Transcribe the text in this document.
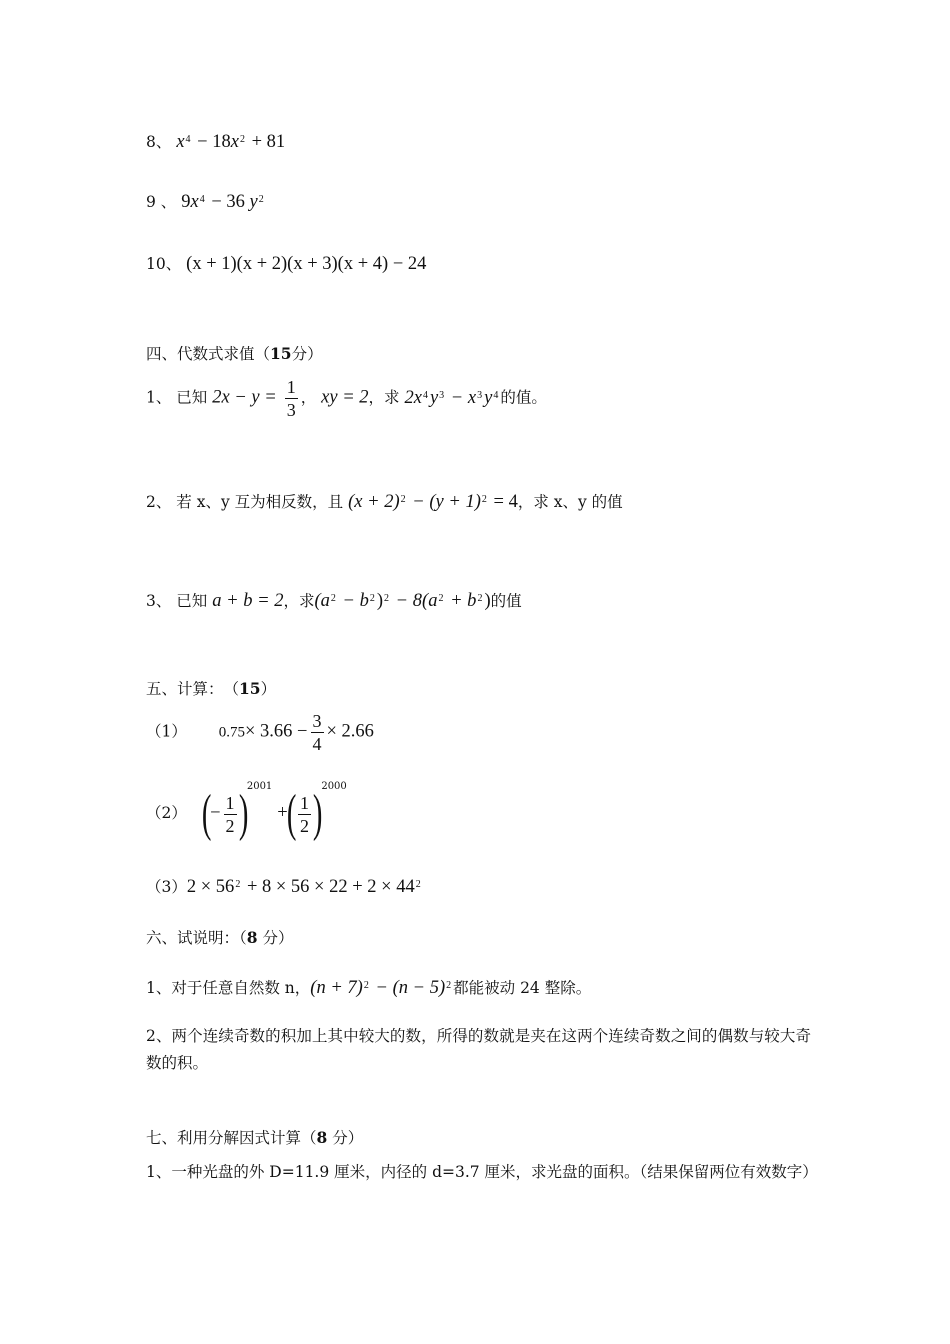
8、 $x^4 - 18x^2 + 81$
9 、 $9x^4 - 36$ $y^2$
10、 (x + 1)(x + 2)(x + 3)(x + 4) − 24
四、代数式求值（15分）
1、 已知 $2x - y = \frac{1}{3}$ ， xy = 2，求 $2x^4$ $y^3 - x^3$ $y^4$ 的值。
2、 若 x、y 互为相反数，且 $(x + 2)^2 - (y + 1)^2 = 4$，求 x、y 的值
3、 已知 a + b = 2，求($a^2 - b^2$ )$^2 - 8(a^2 + b^2$ )的值
五、计算：　（15）
（1） $0.75\times 3.66 - \frac{3}{4} \times 2.66$
（2） (− $\frac{1}{2} )^{2001}$ +( $\frac{1}{2} )^{2000}$
$(3)2 \times 56^2 + 8 \times 56 \times 22 + 2 \times 44^2$
六、试说明：（8 分）
1、对于任意自然数 n，$(n + 7)^2 - (n - 5)^2$ 都能被动 24 整除。
2、两个连续奇数的积加上其中较大的数，所得的数就是夹在这两个连续奇数之间的偶数与较大奇数的积。
七、利用分解因式计算（8 分）
1、一种光盘的外 D=11.9 厘米，内径的 d=3.7 厘米，求光盘的面积。（结果保留两位有效数字）
